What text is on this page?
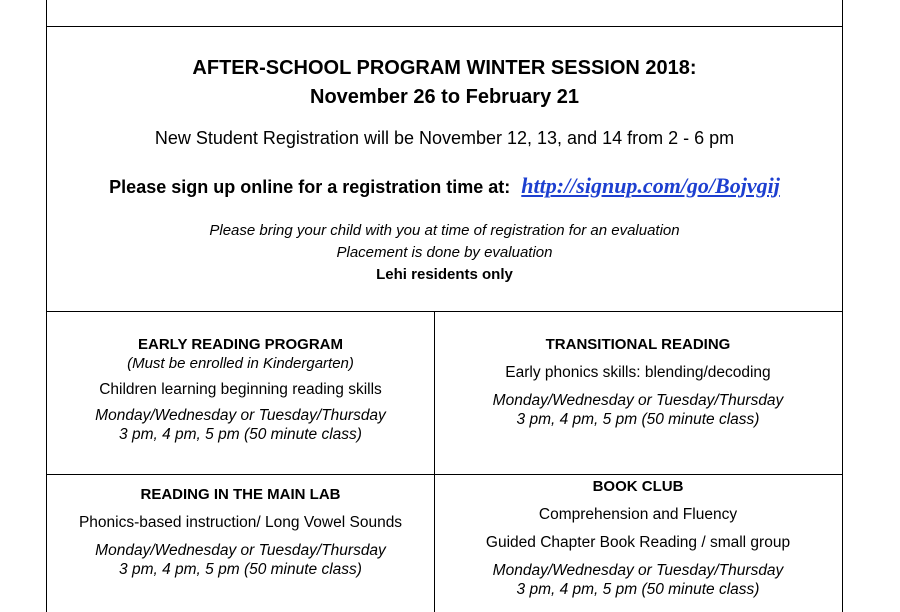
AFTER-SCHOOL PROGRAM WINTER SESSION 2018:
November 26 to February 21
New Student Registration will be November 12, 13, and 14 from 2 - 6 pm
Please sign up online for a registration time at: http://signup.com/go/Bojvgij
Please bring your child with you at time of registration for an evaluation
Placement is done by evaluation
Lehi residents only
EARLY READING PROGRAM
(Must be enrolled in Kindergarten)
Children learning beginning reading skills
Monday/Wednesday or Tuesday/Thursday
3 pm, 4 pm, 5 pm (50 minute class)
TRANSITIONAL READING
Early phonics skills: blending/decoding
Monday/Wednesday or Tuesday/Thursday
3 pm, 4 pm, 5 pm (50 minute class)
READING IN THE MAIN LAB
Phonics-based instruction/ Long Vowel Sounds
Monday/Wednesday or Tuesday/Thursday
3 pm, 4 pm, 5 pm (50 minute class)
BOOK CLUB
Comprehension and Fluency
Guided Chapter Book Reading / small group
Monday/Wednesday or Tuesday/Thursday
3 pm, 4 pm, 5 pm (50 minute class)
